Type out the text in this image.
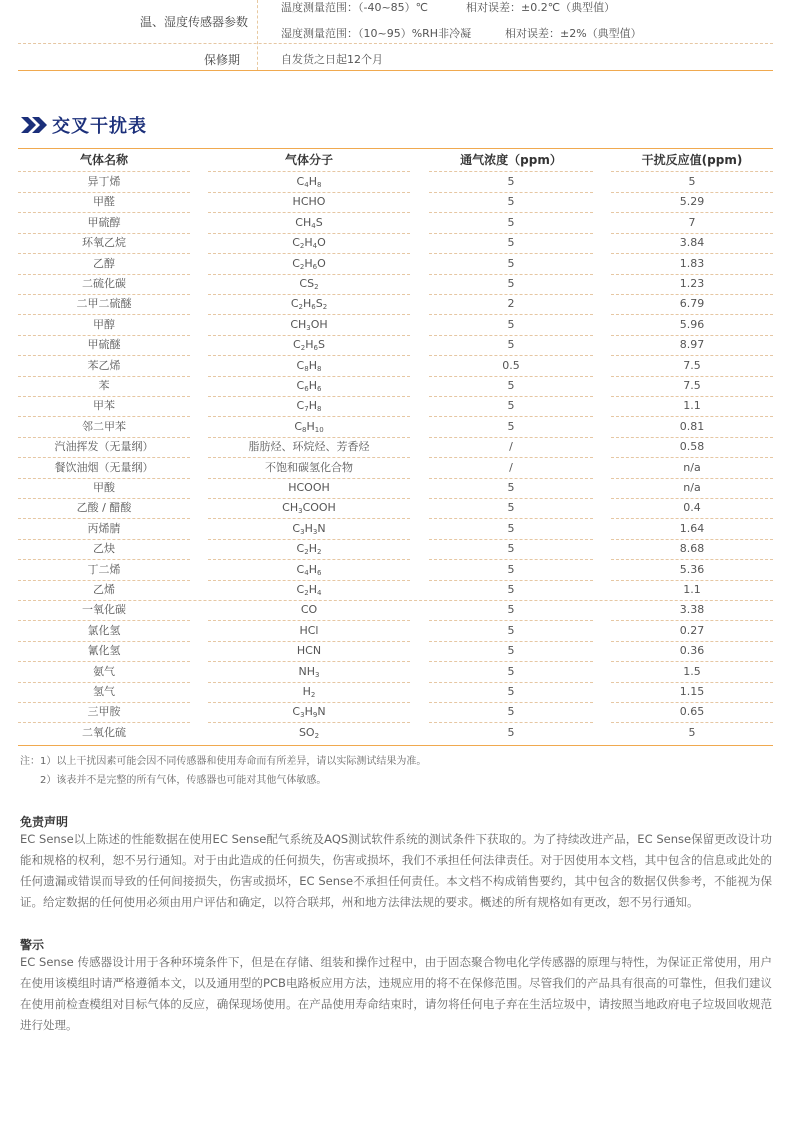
温、湿度传感器参数
温度测量范围：（-40~85）℃	相对误差：±0.2℃（典型值）
湿度测量范围：（10~95）%RH非冷凝	相对误差：±2%（典型值）
保修期	自发货之日起12个月
交叉干扰表
气体名称	气体分子	通气浓度（ppm）	干扰反应值(ppm)
异丁烯	$C_4H_8$	5	5
甲醛	HCHO	5	5.29
甲硫醇	$CH_4S$	5	7
环氧乙烷	$C_2H_4O$	5	3.84
乙醇	$C_2H_6O$	5	1.83
二硫化碳	$CS_2$	5	1.23
二甲二硫醚	$C_2H_6S_2$	2	6.79
甲醇	$CH_3OH$	5	5.96
甲硫醚	$C_2H_6S$	5	8.97
苯乙烯	$C_8H_8$	0.5	7.5
苯	$C_6H_6$	5	7.5
甲苯	$C_7H_8$	5	1.1
邻二甲苯	$C_8H_{10}$	5	0.81
汽油挥发（无量纲）	脂肪烃、环烷烃、芳香烃	/	0.58
餐饮油烟（无量纲）	不饱和碳氢化合物	/	n/a
甲酸	HCOOH	5	n/a
乙酸 / 醋酸	$CH_3COOH$	5	0.4
丙烯腈	$C_3H_3N$	5	1.64
乙炔	$C_2H_2$	5	8.68
丁二烯	$C_4H_6$	5	5.36
乙烯	$C_2H_4$	5	1.1
一氧化碳	CO	5	3.38
氯化氢	HCl	5	0.27
氰化氢	HCN	5	0.36
氨气	$NH_3$	5	1.5
氢气	$H_2$	5	1.15
三甲胺	$C_3H_9N$	5	0.65
二氧化硫	$SO_2$	5	5
注：1）以上干扰因素可能会因不同传感器和使用寿命而有所差异，请以实际测试结果为准。
2）该表并不是完整的所有气体，传感器也可能对其他气体敏感。
免责声明
EC Sense以上陈述的性能数据在使用EC Sense配气系统及AQS测试软件系统的测试条件下获取的。为了持续改进产品，EC Sense保留更改设计功能和规格的权利，恕不另行通知。对于由此造成的任何损失，伤害或损坏，我们不承担任何法律责任。对于因使用本文档，其中包含的信息或此处的任何遗漏或错误而导致的任何间接损失，伤害或损坏，EC Sense不承担任何责任。本文档不构成销售要约，其中包含的数据仅供参考，不能视为保证。给定数据的任何使用必须由用户评估和确定，以符合联邦，州和地方法律法规的要求。概述的所有规格如有更改，恕不另行通知。
警示
EC Sense 传感器设计用于各种环境条件下，但是在存储、组装和操作过程中，由于固态聚合物电化学传感器的原理与特性，为保证正常使用，用户在使用该模组时请严格遵循本文，以及通用型的PCB电路板应用方法，违规应用的将不在保修范围。尽管我们的产品具有很高的可靠性，但我们建议在使用前检查模组对目标气体的反应，确保现场使用。在产品使用寿命结束时，请勿将任何电子弃在生活垃圾中，请按照当地政府电子垃圾回收规范进行处理。
